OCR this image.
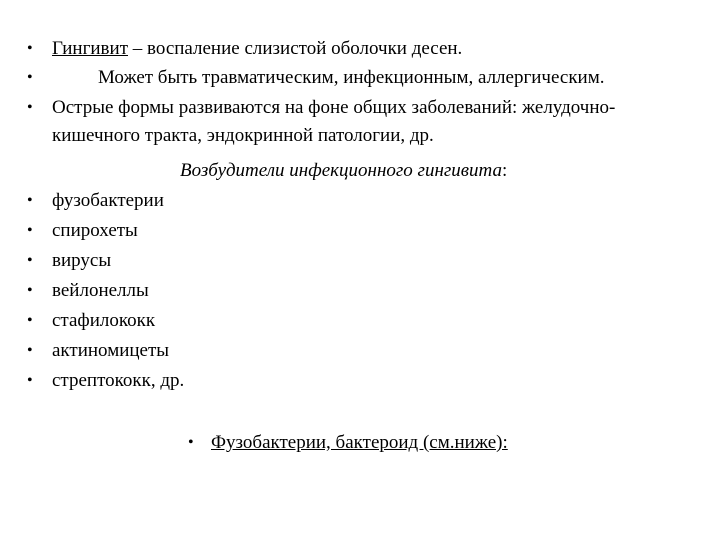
• Гингивит – воспаление слизистой оболочки десен.
•	Может быть травматическим, инфекционным, аллергическим.
• Острые формы развиваются на фоне общих заболеваний: желудочно-
кишечного тракта, эндокринной патологии, др.
Возбудители инфекционного гингивита:
• фузобактерии
• спирохеты
• вирусы
• вейлонеллы
• стафилококк
• актиномицеты
• стрептококк, др.
• Фузобактерии, бактероид (см.ниже):
